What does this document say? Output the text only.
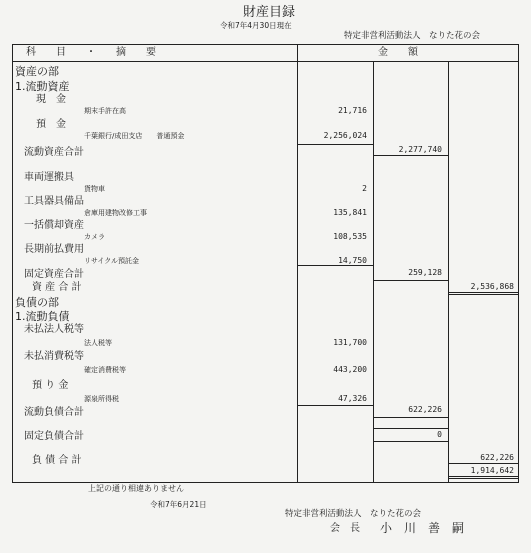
財産目録
令和7年4月30日現在
特定非営利活動法人　なりた花の会
科　　目　　・　　摘　　要	金　　額
資産の部
1.流動資産
現　金
期末手許在高	21,716
預　金
千葉銀行/成田支店　　普通預金	2,256,024
流動資産合計	2,277,740
車両運搬具
貨物車	2
工具器具備品
倉庫用建物改修工事	135,841
一括償却資産
カメラ	108,535
長期前払費用
リサイクル預託金	14,750
固定資産合計	259,128
資 産 合 計	2,536,868
負債の部
1.流動負債
未払法人税等
法人税等	131,700
未払消費税等
確定消費税等	443,200
預 り 金
源泉所得税	47,326
流動負債合計	622,226
固定負債合計	0
負 債 合 計	622,226
1,914,642
上記の通り相違ありません
令和7年6月21日
特定非営利活動法人　なりた花の会
会　長 小　川　善　嗣
